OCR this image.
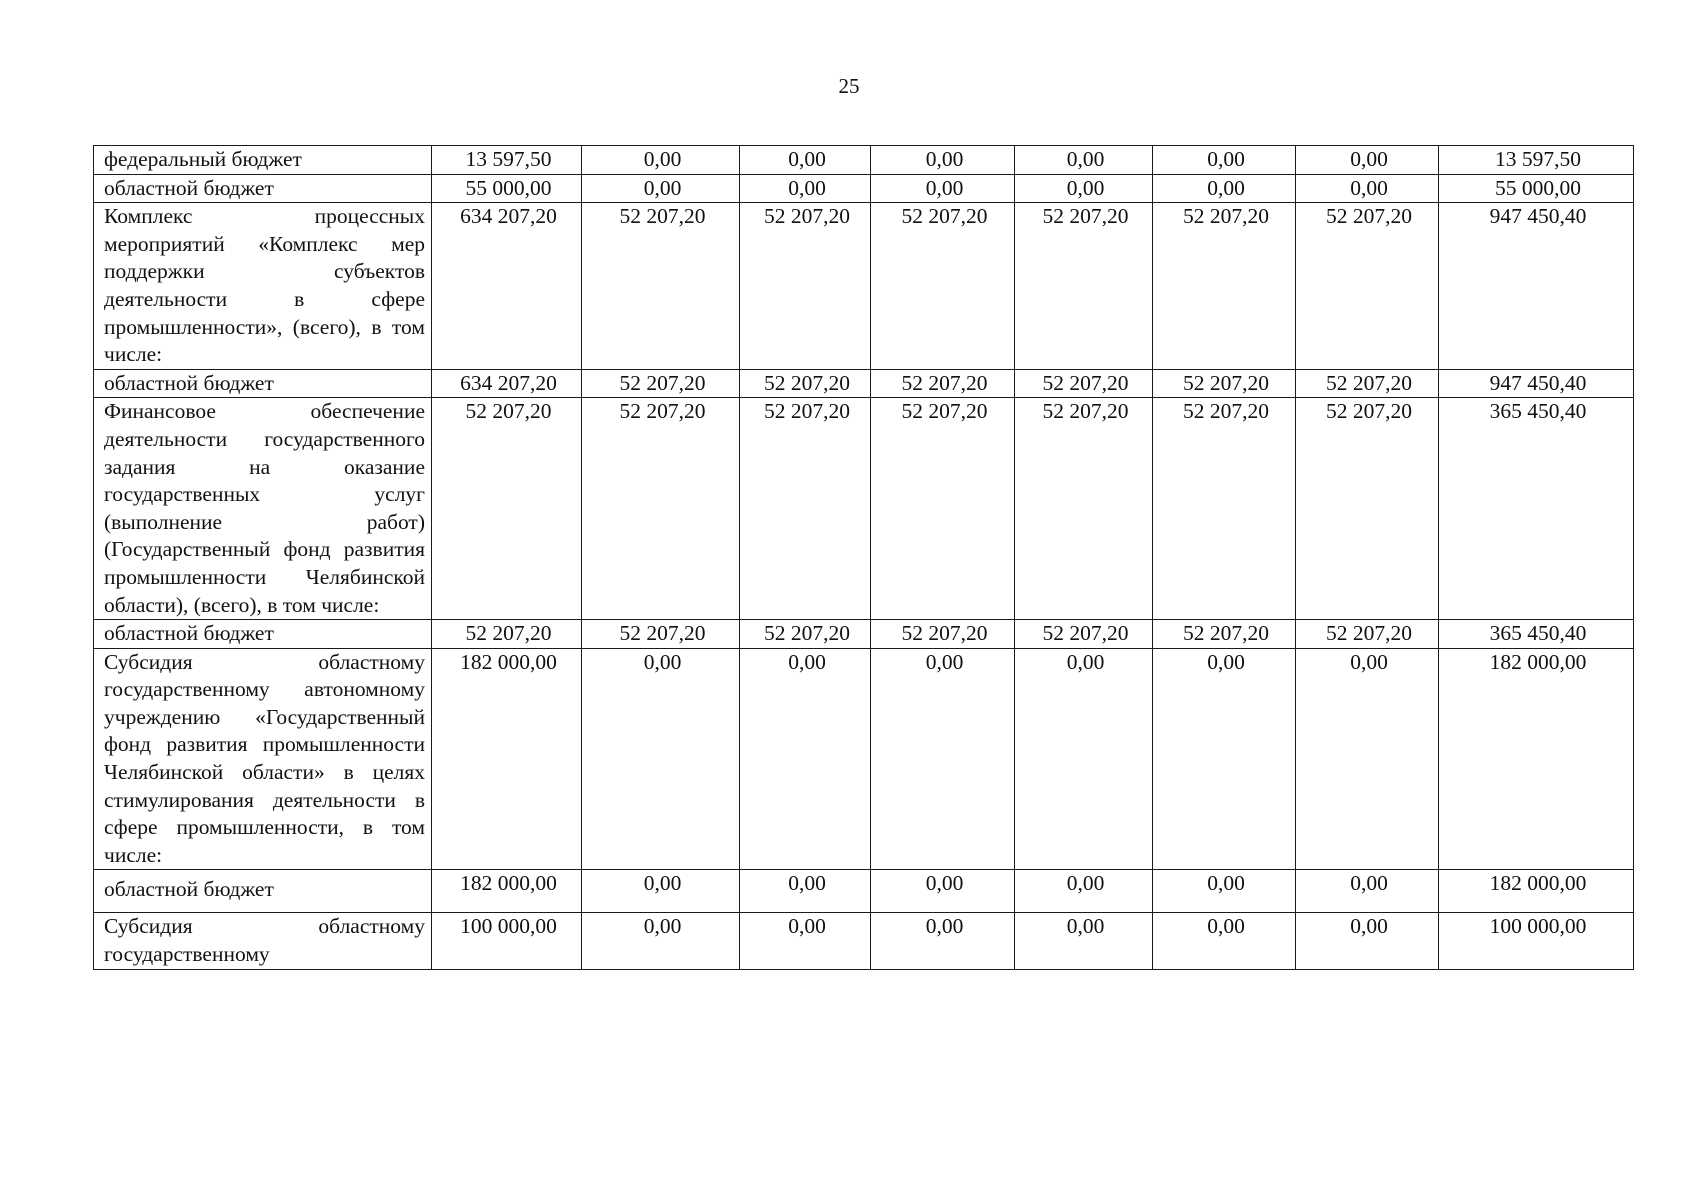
25
федеральный бюджет	13 597,50	0,00	0,00	0,00	0,00	0,00	0,00	13 597,50
областной бюджет	55 000,00	0,00	0,00	0,00	0,00	0,00	0,00	55 000,00
Комплекс процессных мероприятий «Комплекс мер поддержки субъектов деятельности в сфере промышленности», (всего), в том числе:	634 207,20	52 207,20	52 207,20	52 207,20	52 207,20	52 207,20	52 207,20	947 450,40
областной бюджет	634 207,20	52 207,20	52 207,20	52 207,20	52 207,20	52 207,20	52 207,20	947 450,40
Финансовое обеспечение деятельности государственного задания на оказание государственных услуг (выполнение работ) (Государственный фонд развития промышленности Челябинской области), (всего), в том числе:	52 207,20	52 207,20	52 207,20	52 207,20	52 207,20	52 207,20	52 207,20	365 450,40
областной бюджет	52 207,20	52 207,20	52 207,20	52 207,20	52 207,20	52 207,20	52 207,20	365 450,40
Субсидия областному государственному автономному учреждению «Государственный фонд развития промышленности Челябинской области» в целях стимулирования деятельности в сфере промышленности, в том числе:	182 000,00	0,00	0,00	0,00	0,00	0,00	0,00	182 000,00
областной бюджет	182 000,00	0,00	0,00	0,00	0,00	0,00	0,00	182 000,00
Субсидия областному государственному	100 000,00	0,00	0,00	0,00	0,00	0,00	0,00	100 000,00
